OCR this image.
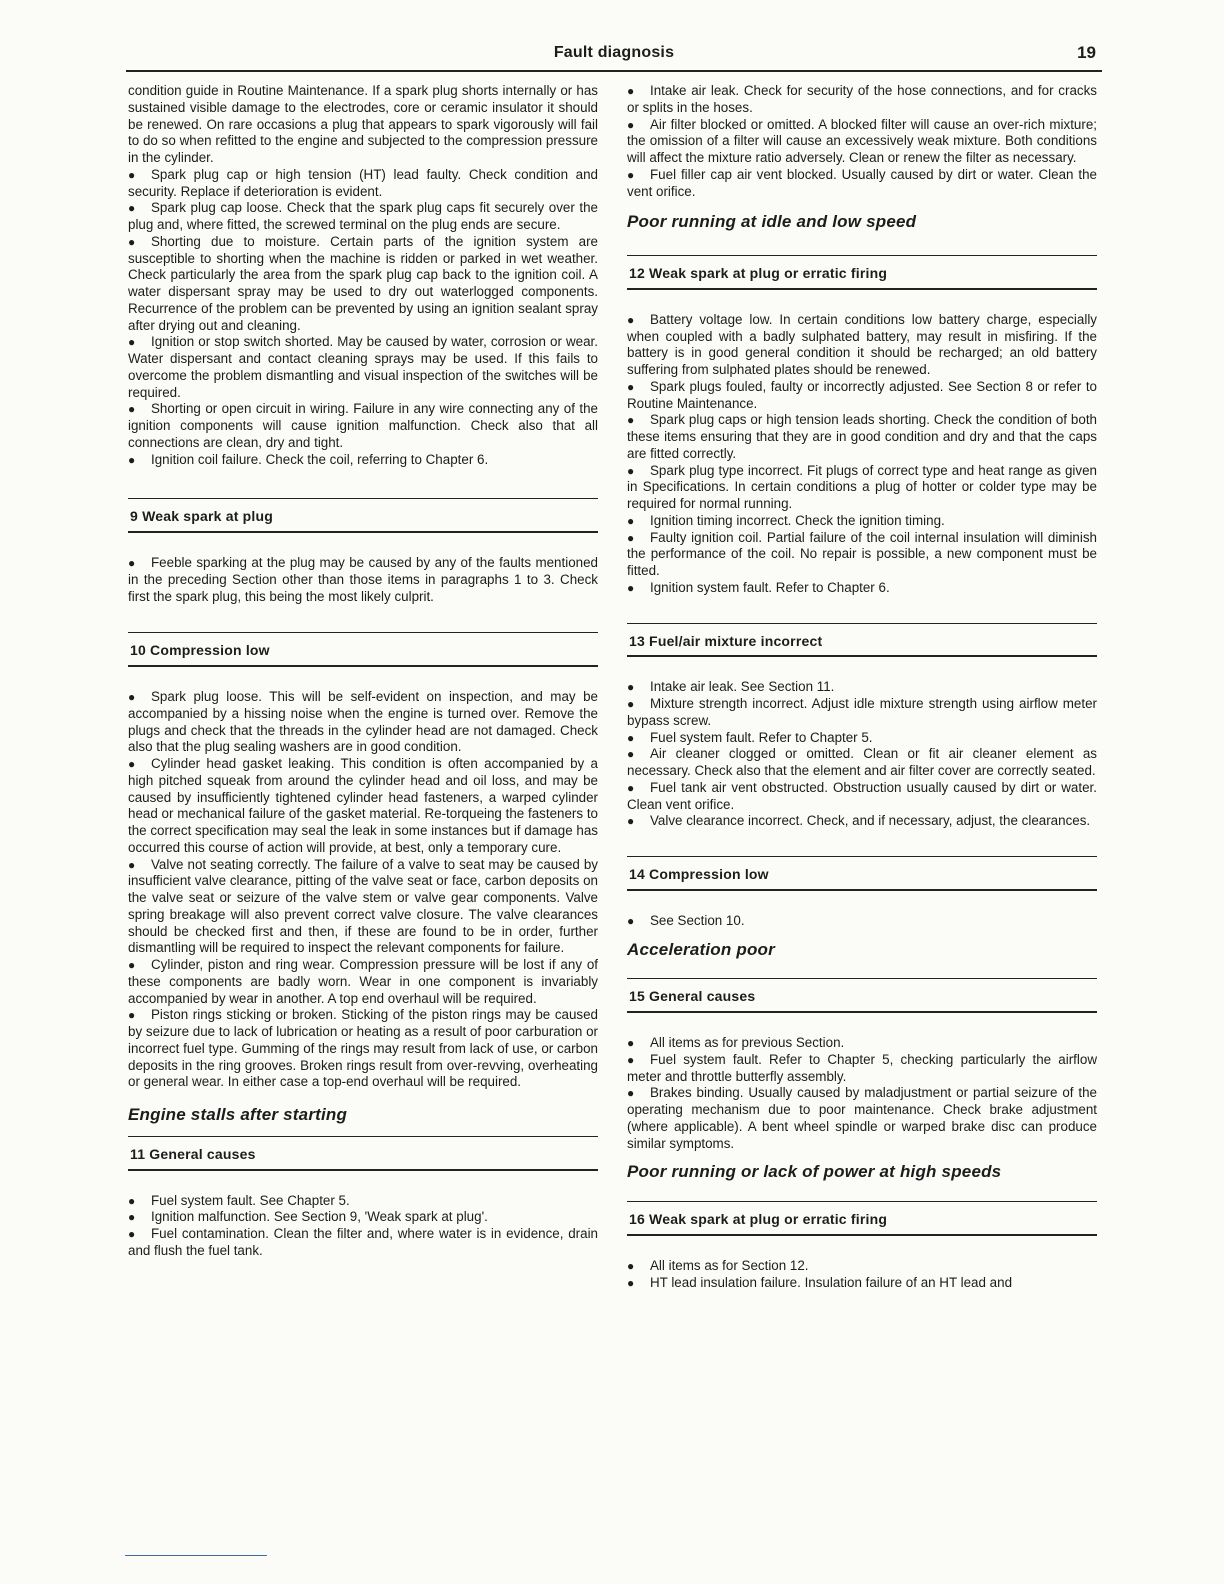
Fault diagnosis	19

condition guide in Routine Maintenance. If a spark plug shorts internally or has sustained visible damage to the electrodes, core or ceramic insulator it should be renewed. On rare occasions a plug that appears to spark vigorously will fail to do so when refitted to the engine and subjected to the compression pressure in the cylinder.

● Spark plug cap or high tension (HT) lead faulty. Check condition and security. Replace if deterioration is evident.

● Spark plug cap loose. Check that the spark plug caps fit securely over the plug and, where fitted, the screwed terminal on the plug ends are secure.

● Shorting due to moisture. Certain parts of the ignition system are susceptible to shorting when the machine is ridden or parked in wet weather. Check particularly the area from the spark plug cap back to the ignition coil. A water dispersant spray may be used to dry out waterlogged components. Recurrence of the problem can be prevented by using an ignition sealant spray after drying out and cleaning.

● Ignition or stop switch shorted. May be caused by water, corrosion or wear. Water dispersant and contact cleaning sprays may be used. If this fails to overcome the problem dismantling and visual inspection of the switches will be required.

● Shorting or open circuit in wiring. Failure in any wire connecting any of the ignition components will cause ignition malfunction. Check also that all connections are clean, dry and tight.

● Ignition coil failure. Check the coil, referring to Chapter 6.

9 Weak spark at plug

● Feeble sparking at the plug may be caused by any of the faults mentioned in the preceding Section other than those items in paragraphs 1 to 3. Check first the spark plug, this being the most likely culprit.

10 Compression low

● Spark plug loose. This will be self-evident on inspection, and may be accompanied by a hissing noise when the engine is turned over. Remove the plugs and check that the threads in the cylinder head are not damaged. Check also that the plug sealing washers are in good condition.

● Cylinder head gasket leaking. This condition is often accompanied by a high pitched squeak from around the cylinder head and oil loss, and may be caused by insufficiently tightened cylinder head fasteners, a warped cylinder head or mechanical failure of the gasket material. Re-torqueing the fasteners to the correct specification may seal the leak in some instances but if damage has occurred this course of action will provide, at best, only a temporary cure.

● Valve not seating correctly. The failure of a valve to seat may be caused by insufficient valve clearance, pitting of the valve seat or face, carbon deposits on the valve seat or seizure of the valve stem or valve gear components. Valve spring breakage will also prevent correct valve closure. The valve clearances should be checked first and then, if these are found to be in order, further dismantling will be required to inspect the relevant components for failure.

● Cylinder, piston and ring wear. Compression pressure will be lost if any of these components are badly worn. Wear in one component is invariably accompanied by wear in another. A top end overhaul will be required.

● Piston rings sticking or broken. Sticking of the piston rings may be caused by seizure due to lack of lubrication or heating as a result of poor carburation or incorrect fuel type. Gumming of the rings may result from lack of use, or carbon deposits in the ring grooves. Broken rings result from over-revving, overheating or general wear. In either case a top-end overhaul will be required.

Engine stalls after starting

11 General causes

● Fuel system fault. See Chapter 5.

● Ignition malfunction. See Section 9, 'Weak spark at plug'.

● Fuel contamination. Clean the filter and, where water is in evidence, drain and flush the fuel tank.

● Intake air leak. Check for security of the hose connections, and for cracks or splits in the hoses.

● Air filter blocked or omitted. A blocked filter will cause an over-rich mixture; the omission of a filter will cause an excessively weak mixture. Both conditions will affect the mixture ratio adversely. Clean or renew the filter as necessary.

● Fuel filler cap air vent blocked. Usually caused by dirt or water. Clean the vent orifice.

Poor running at idle and low speed

12 Weak spark at plug or erratic firing

● Battery voltage low. In certain conditions low battery charge, especially when coupled with a badly sulphated battery, may result in misfiring. If the battery is in good general condition it should be recharged; an old battery suffering from sulphated plates should be renewed.

● Spark plugs fouled, faulty or incorrectly adjusted. See Section 8 or refer to Routine Maintenance.

● Spark plug caps or high tension leads shorting. Check the condition of both these items ensuring that they are in good condition and dry and that the caps are fitted correctly.

● Spark plug type incorrect. Fit plugs of correct type and heat range as given in Specifications. In certain conditions a plug of hotter or colder type may be required for normal running.

● Ignition timing incorrect. Check the ignition timing.

● Faulty ignition coil. Partial failure of the coil internal insulation will diminish the performance of the coil. No repair is possible, a new component must be fitted.

● Ignition system fault. Refer to Chapter 6.

13 Fuel/air mixture incorrect

● Intake air leak. See Section 11.

● Mixture strength incorrect. Adjust idle mixture strength using airflow meter bypass screw.

● Fuel system fault. Refer to Chapter 5.

● Air cleaner clogged or omitted. Clean or fit air cleaner element as necessary. Check also that the element and air filter cover are correctly seated.

● Fuel tank air vent obstructed. Obstruction usually caused by dirt or water. Clean vent orifice.

● Valve clearance incorrect. Check, and if necessary, adjust, the clearances.

14 Compression low

● See Section 10.

Acceleration poor

15 General causes

● All items as for previous Section.

● Fuel system fault. Refer to Chapter 5, checking particularly the airflow meter and throttle butterfly assembly.

● Brakes binding. Usually caused by maladjustment or partial seizure of the operating mechanism due to poor maintenance. Check brake adjustment (where applicable). A bent wheel spindle or warped brake disc can produce similar symptoms.

Poor running or lack of power at high speeds

16 Weak spark at plug or erratic firing

● All items as for Section 12.

● HT lead insulation failure. Insulation failure of an HT lead and
